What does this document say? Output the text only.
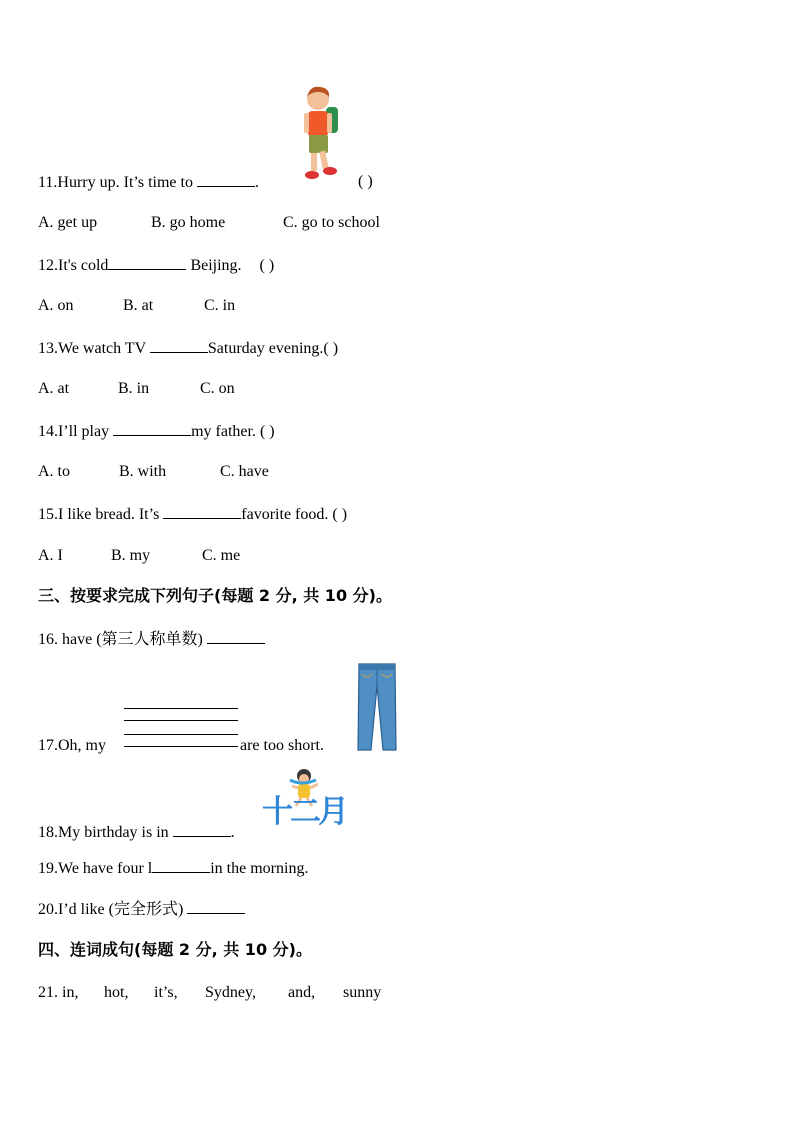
11.Hurry up. It’s time to	.	( )
A. get up	B. go home	C. go to school
12.It's cold	Beijing. ( )
A. on	B. at	C. in
13.We watch TV	Saturday evening.( )
A. at	B. in	C. on
14.I’ll play	my father. ( )
A. to	B. with	C. have
15.I like bread. It’s	favorite food. ( )
A. I	B. my	C. me
三、按要求完成下列句子(每题 2 分, 共 10 分)。
16. have (第三人称单数)
17.Oh, my	are too short.
十二月
18.My birthday is in	.
19.We have four l	in the morning.
20.I’d like (完全形式)
四、连词成句(每题 2 分, 共 10 分)。
21. in, hot, it’s, Sydney, and, sunny
